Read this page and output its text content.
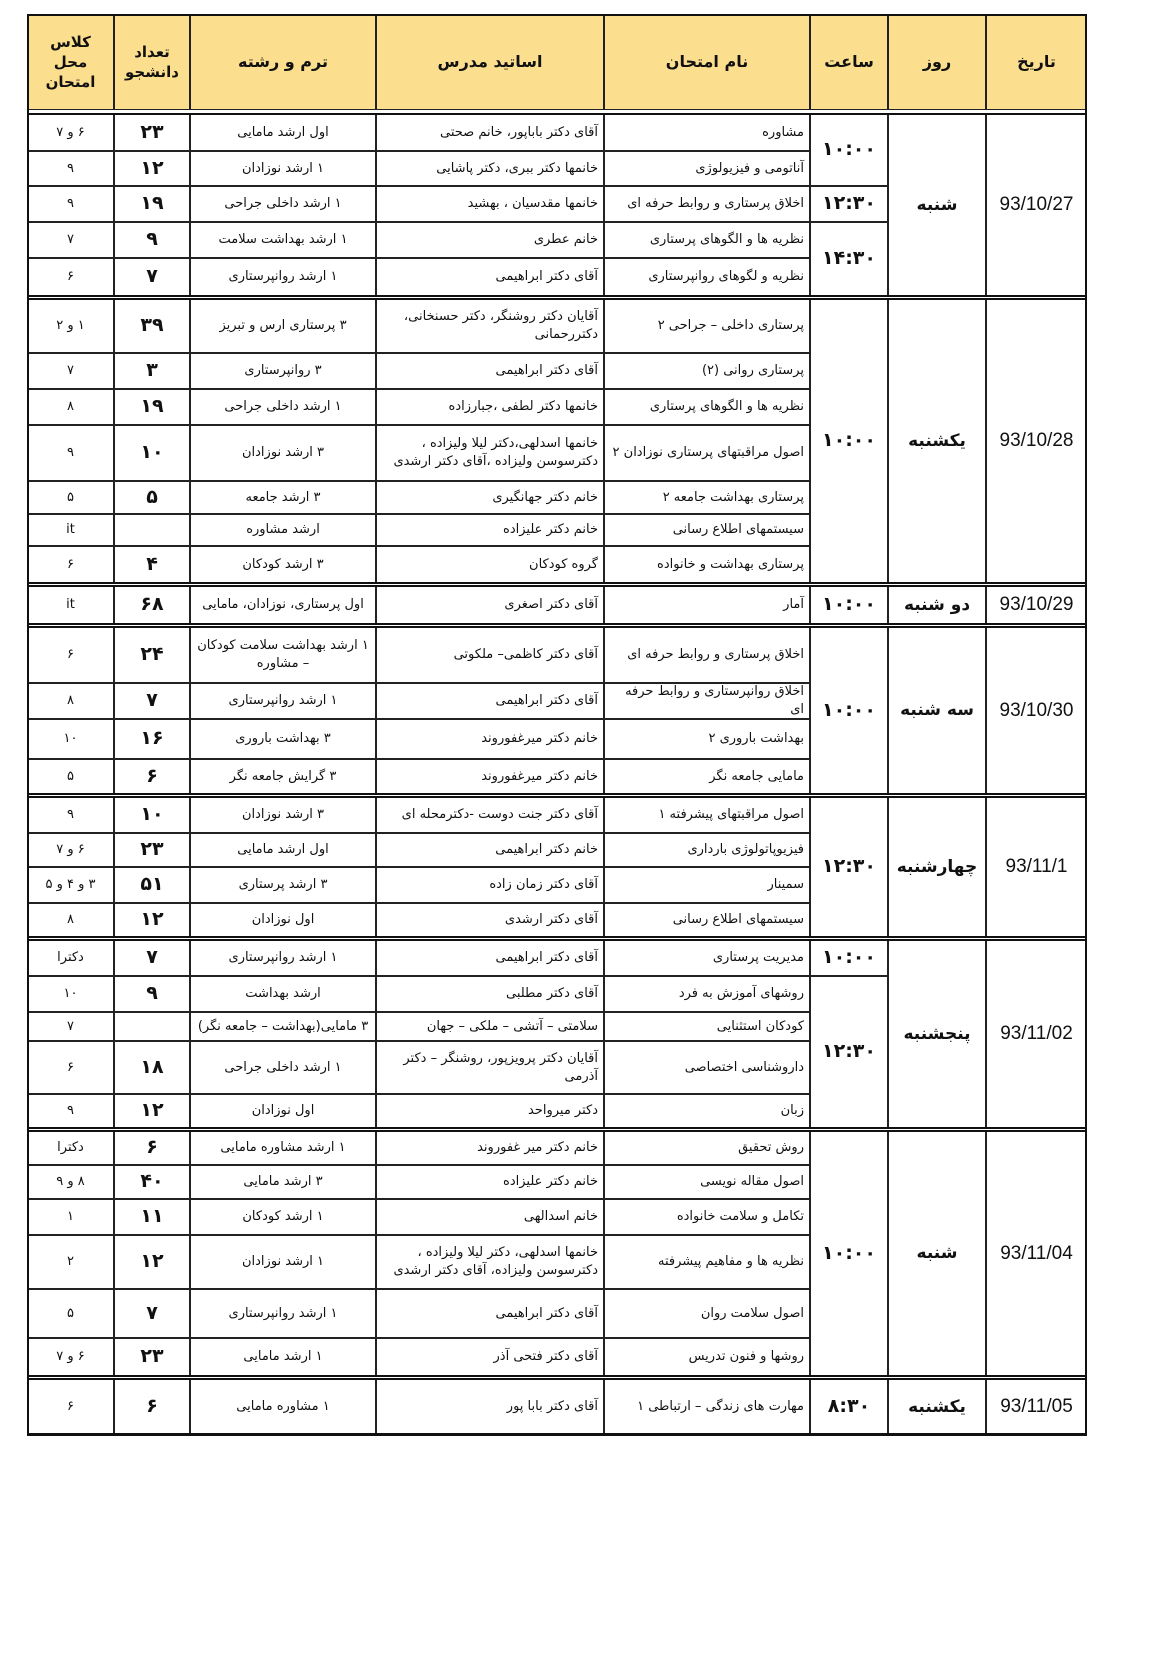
تاریخ
روز
ساعت
نام امتحان
اساتید مدرس
ترم و رشته
تعداد دانشجو
کلاس محل امتحان
93/10/27
شنبه
۱۰:۰۰
۱۲:۳۰
۱۴:۳۰
مشاوره
آقای دکتر باباپور، خانم صحتی
اول ارشد مامایی
۲۳
۶ و ۷
آناتومی و فیزیولوژی
خانمها دکتر ببری، دکتر پاشایی
۱ ارشد نوزادان
۱۲
۹
اخلاق پرستاری و روابط حرفه ای
خانمها مقدسیان ، بهشید
۱ ارشد داخلی جراحی
۱۹
۹
نظریه ها و الگوهای پرستاری
خانم عطری
۱ ارشد بهداشت سلامت
۹
۷
نظریه و لگوهای روانپرستاری
آقای دکتر ابراهیمی
۱ ارشد روانپرستاری
۷
۶
93/10/28
یکشنبه
۱۰:۰۰
پرستاری داخلی – جراحی ۲
آقایان دکتر روشنگر، دکتر حسنخانی، دکتررحمانی
۳ پرستاری ارس و تبریز
۳۹
۱ و ۲
پرستاری روانی (۲)
آقای دکتر ابراهیمی
۳ روانپرستاری
۳
۷
نظریه ها و الگوهای پرستاری
خانمها دکتر لطفی ،جبارزاده
۱ ارشد داخلی جراحی
۱۹
۸
اصول مراقبتهای پرستاری نوزادان ۲
خانمها اسدلهی،دکتر لیلا ولیزاده ، دکترسوسن ولیزاده ،آقای دکتر ارشدی
۳ ارشد نوزادان
۱۰
۹
پرستاری بهداشت جامعه ۲
خانم دکتر جهانگیری
۳ ارشد جامعه
۵
۵
سیستمهای اطلاع رسانی
خانم دکتر علیزاده
ارشد مشاوره
it
پرستاری بهداشت و خانواده
گروه کودکان
۳ ارشد کودکان
۴
۶
93/10/29
دو شنبه
۱۰:۰۰
آمار
آقای دکتر اصغری
اول پرستاری، نوزادان، مامایی
۶۸
it
93/10/30
سه شنبه
۱۰:۰۰
اخلاق پرستاری و روابط حرفه ای
آقای دکتر کاظمی– ملکوتی
۱ ارشد بهداشت سلامت کودکان – مشاوره
۲۴
۶
اخلاق روانپرستاری و روابط حرفه ای
آقای دکتر ابراهیمی
۱ ارشد روانپرستاری
۷
۸
بهداشت باروری ۲
خانم دکتر میرغفوروند
۳ بهداشت باروری
۱۶
۱۰
مامایی جامعه نگر
خانم دکتر میرغفوروند
۳ گرایش جامعه نگر
۶
۵
93/11/1
چهارشنبه
۱۲:۳۰
اصول مراقبتهای پیشرفته ۱
آقای دکتر جنت دوست -دکترمحله ای
۳ ارشد نوزادان
۱۰
۹
فیزیوپاتولوژی بارداری
خانم دکتر ابراهیمی
اول ارشد مامایی
۲۳
۶ و ۷
سمینار
آقای دکتر زمان زاده
۳ ارشد پرستاری
۵۱
۳ و ۴ و ۵
سیستمهای اطلاع رسانی
آقای دکتر ارشدی
اول نوزادان
۱۲
۸
93/11/02
پنجشنبه
۱۰:۰۰
۱۲:۳۰
مدیریت پرستاری
آقای دکتر ابراهیمی
۱ ارشد روانپرستاری
۷
دکترا
روشهای آموزش به فرد
آقای دکتر مطلبی
ارشد بهداشت
۹
۱۰
کودکان استثنایی
سلامتی – آتشی – ملکی – جهان
۳ مامایی(بهداشت – جامعه نگر)
۷
داروشناسی اختصاصی
آقایان دکتر پرویزپور، روشنگر – دکتر آذرمی
۱ ارشد داخلی جراحی
۱۸
۶
زبان
دکتر میرواحد
اول نوزادان
۱۲
۹
93/11/04
شنبه
۱۰:۰۰
روش تحقیق
خانم دکتر میر غفوروند
۱ ارشد مشاوره مامایی
۶
دکترا
اصول مقاله نویسی
خانم دکتر علیزاده
۳ ارشد مامایی
۴۰
۸ و ۹
تکامل و سلامت خانواده
خانم اسدالهی
۱ ارشد کودکان
۱۱
۱
نظریه ها و مفاهیم پیشرفته
خانمها اسدلهی، دکتر لیلا ولیزاده ، دکترسوسن ولیزاده، آقای دکتر ارشدی
۱ ارشد نوزادان
۱۲
۲
اصول سلامت روان
آقای دکتر ابراهیمی
۱ ارشد روانپرستاری
۷
۵
روشها و فنون تدریس
آقای دکتر فتحی آذر
۱ ارشد مامایی
۲۳
۶ و ۷
93/11/05
یکشنبه
۸:۳۰
مهارت های زندگی – ارتباطی ۱
آقای دکتر بابا پور
۱ مشاوره مامایی
۶
۶
